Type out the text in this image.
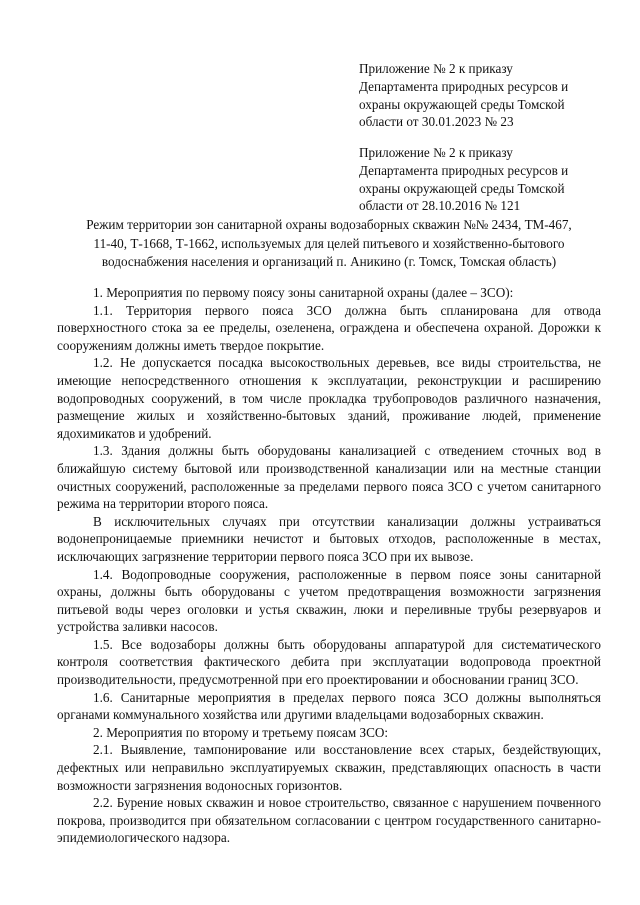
Приложение № 2 к приказу

Департамента природных ресурсов и

охраны окружающей среды Томской

области от 30.01.2023 № 23

Приложение № 2 к приказу

Департамента природных ресурсов и

охраны окружающей среды Томской

области от 28.10.2016 № 121

Режим территории зон санитарной охраны водозаборных скважин №№ 2434, ТМ-467,

11-40, Т-1668, Т-1662, используемых для целей питьевого и хозяйственно-бытового

водоснабжения населения и организаций п. Аникино (г. Томск, Томская область)

1. Мероприятия по первому поясу зоны санитарной охраны (далее – ЗСО):

1.1. Территория первого пояса ЗСО должна быть спланирована для отвода поверхностного стока за ее пределы, озеленена, ограждена и обеспечена охраной. Дорожки к сооружениям должны иметь твердое покрытие.

1.2. Не допускается посадка высокоствольных деревьев, все виды строительства, не имеющие непосредственного отношения к эксплуатации, реконструкции и расширению водопроводных сооружений, в том числе прокладка трубопроводов различного назначения, размещение жилых и хозяйственно-бытовых зданий, проживание людей, применение ядохимикатов и удобрений.

1.3. Здания должны быть оборудованы канализацией с отведением сточных вод в ближайшую систему бытовой или производственной канализации или на местные станции очистных сооружений, расположенные за пределами первого пояса ЗСО с учетом санитарного режима на территории второго пояса.

В исключительных случаях при отсутствии канализации должны устраиваться водонепроницаемые приемники нечистот и бытовых отходов, расположенные в местах, исключающих загрязнение территории первого пояса ЗСО при их вывозе.

1.4. Водопроводные сооружения, расположенные в первом поясе зоны санитарной охраны, должны быть оборудованы с учетом предотвращения возможности загрязнения питьевой воды через оголовки и устья скважин, люки и переливные трубы резервуаров и устройства заливки насосов.

1.5. Все водозаборы должны быть оборудованы аппаратурой для систематического контроля соответствия фактического дебита при эксплуатации водопровода проектной производительности, предусмотренной при его проектировании и обосновании границ ЗСО.

1.6. Санитарные мероприятия в пределах первого пояса ЗСО должны выполняться органами коммунального хозяйства или другими владельцами водозаборных скважин.

2. Мероприятия по второму и третьему поясам ЗСО:

2.1. Выявление, тампонирование или восстановление всех старых, бездействующих, дефектных или неправильно эксплуатируемых скважин, представляющих опасность в части возможности загрязнения водоносных горизонтов.

2.2. Бурение новых скважин и новое строительство, связанное с нарушением почвенного покрова, производится при обязательном согласовании с центром государственного санитарно-эпидемиологического надзора.
